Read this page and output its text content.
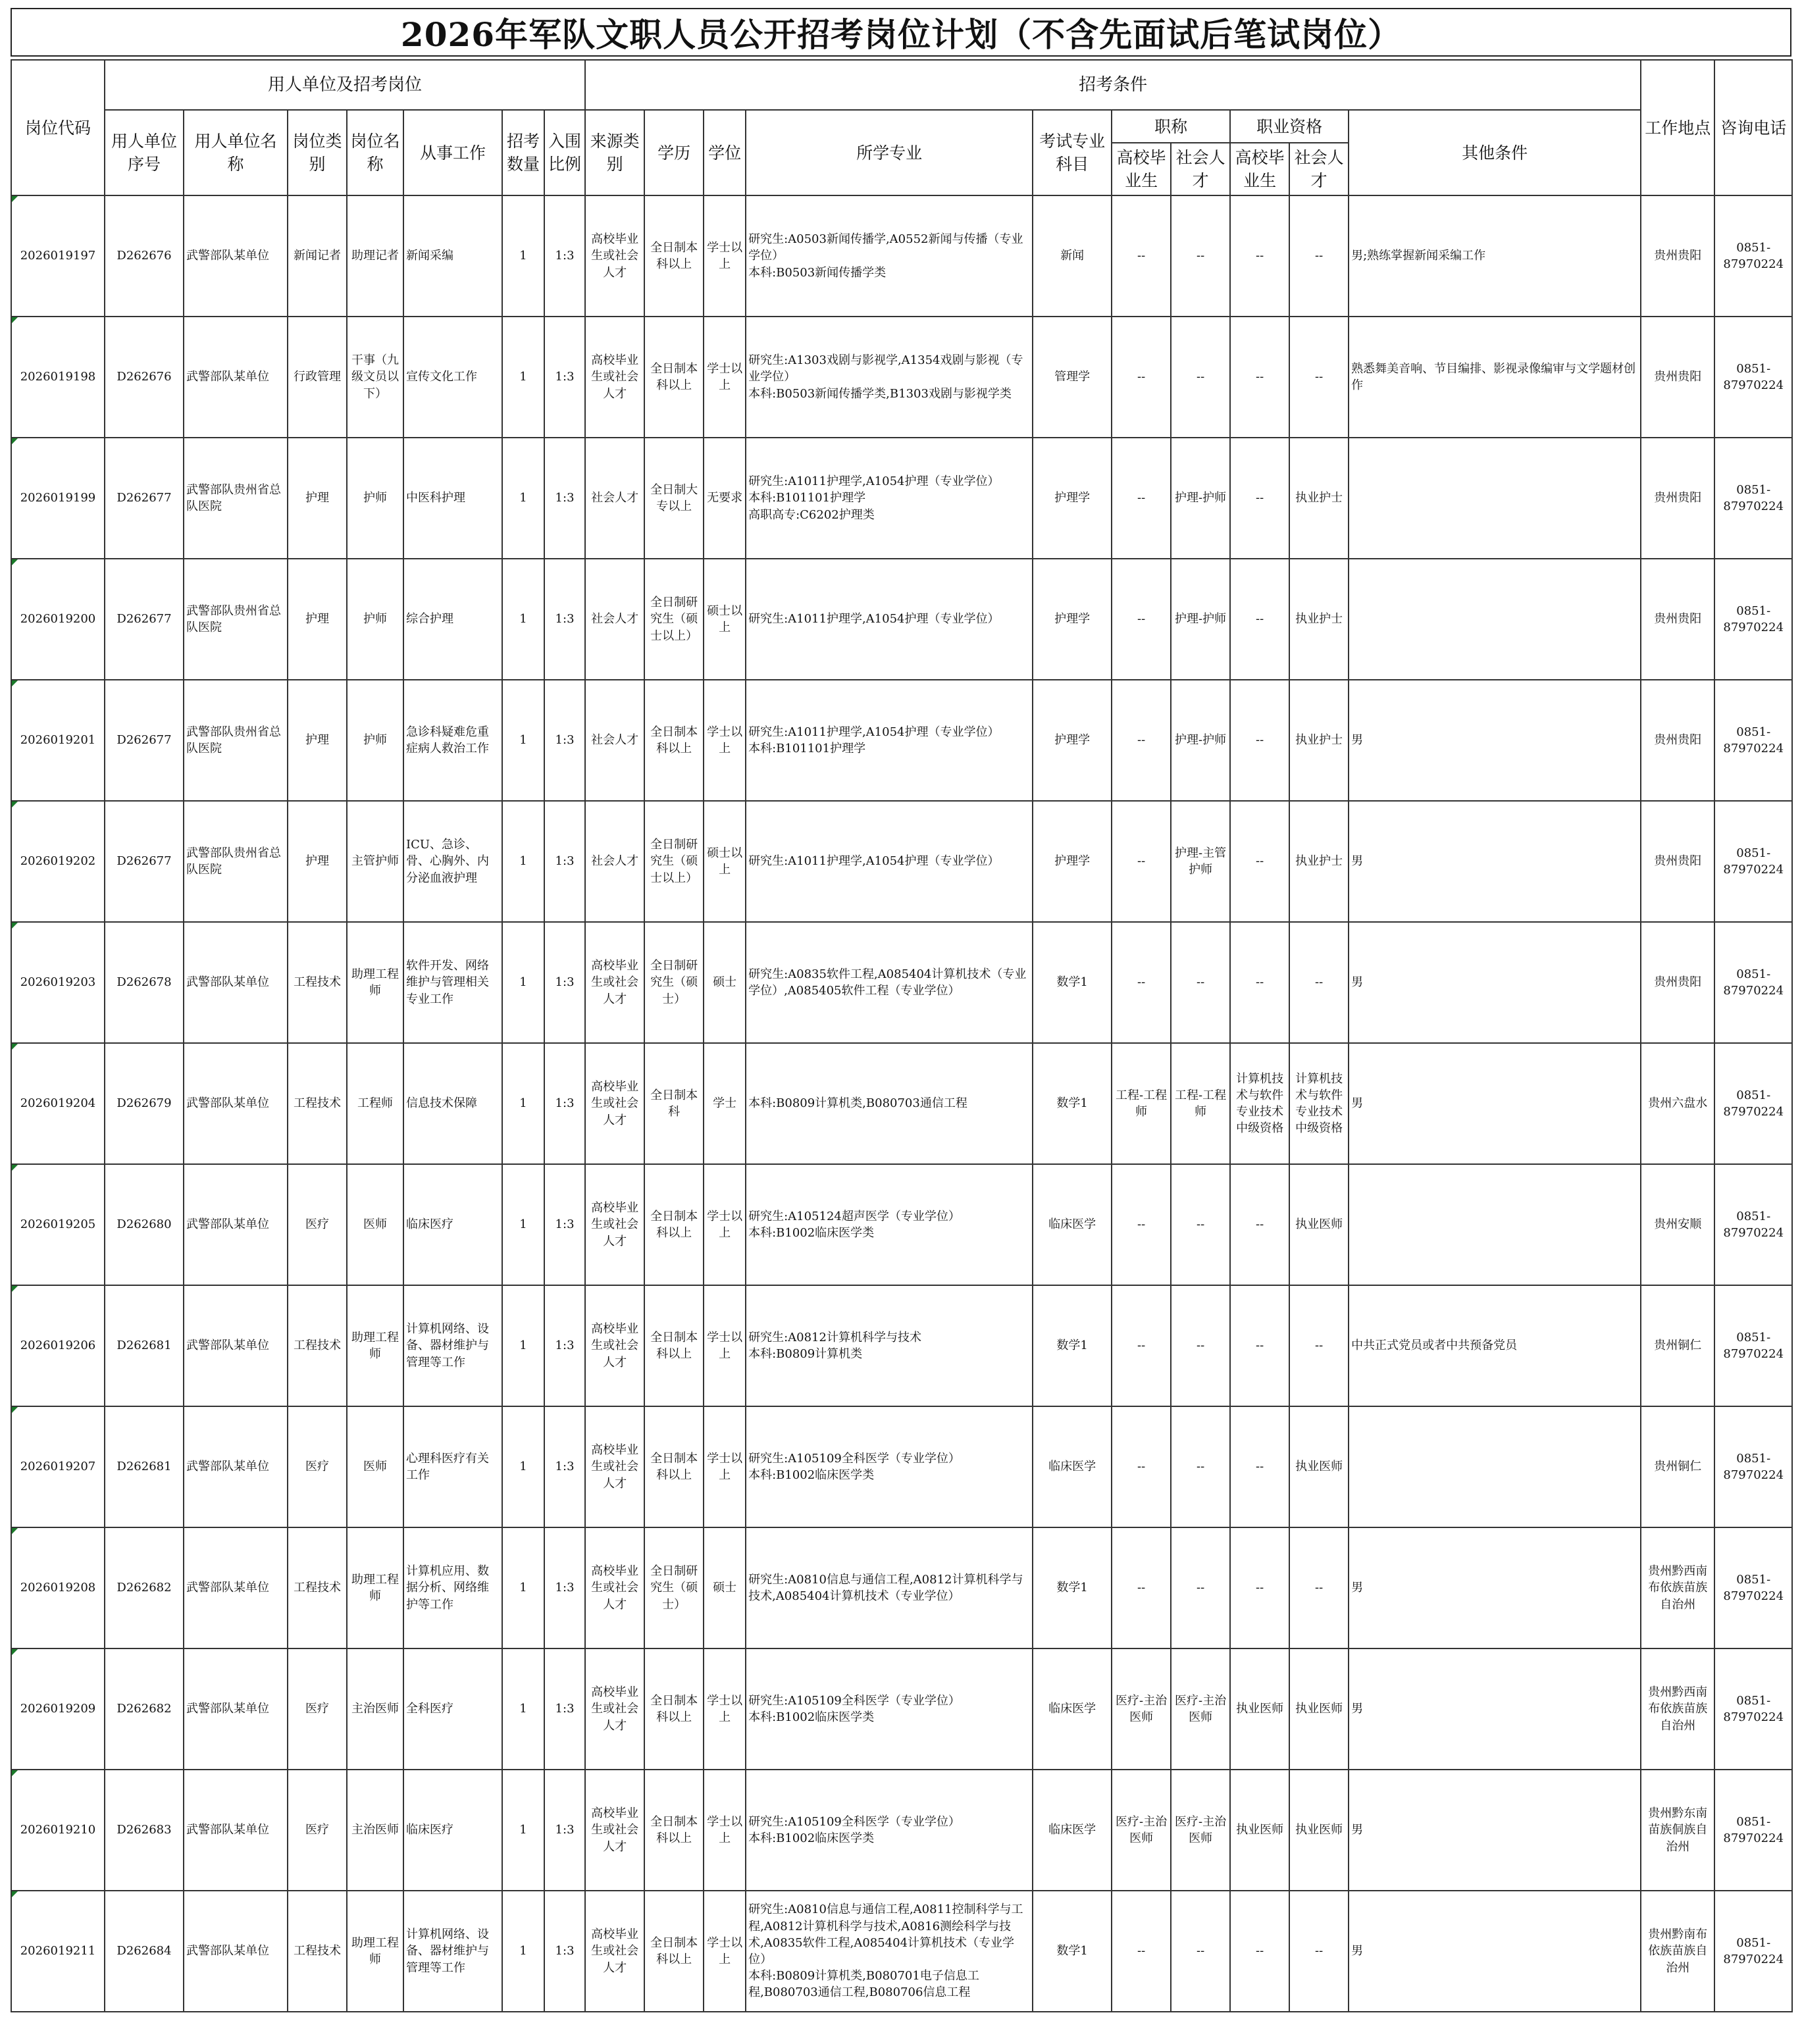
2026年军队文职人员公开招考岗位计划（不含先面试后笔试岗位）
岗位代码	用人单位及招考岗位							招考条件										工作地点	咨询电话
	用人单位序号	用人单位名　称	岗位类别	岗位名称	从事工作	招考数量	入围比例	来源类别	学历	学位	所学专业	考试专业科目	职称		职业资格		其他条件		
													高校毕业生	社会人才	高校毕业生	社会人才			
2026019197	D262676	武警部队某单位	新闻记者	助理记者	新闻采编	1	1:3	高校毕业生或社会人才	全日制本科以上	学士以上	研究生:A0503新闻传播学,A0552新闻与传播（专业学位）
本科:B0503新闻传播学类	新闻	--	--	--	--	男;熟练掌握新闻采编工作	贵州贵阳	0851-87970224
2026019198	D262676	武警部队某单位	行政管理	干事（九级文员以下）	宣传文化工作	1	1:3	高校毕业生或社会人才	全日制本科以上	学士以上	研究生:A1303戏剧与影视学,A1354戏剧与影视（专业学位）
本科:B0503新闻传播学类,B1303戏剧与影视学类	管理学	--	--	--	--	熟悉舞美音响、节目编排、影视录像编审与文学题材创作	贵州贵阳	0851-87970224
2026019199	D262677	武警部队贵州省总队医院	护理	护师	中医科护理	1	1:3	社会人才	全日制大专以上	无要求	研究生:A1011护理学,A1054护理（专业学位）
本科:B101101护理学
高职高专:C6202护理类	护理学	--	护理-护师	--	执业护士		贵州贵阳	0851-87970224
2026019200	D262677	武警部队贵州省总队医院	护理	护师	综合护理	1	1:3	社会人才	全日制研究生（硕士以上）	硕士以上	研究生:A1011护理学,A1054护理（专业学位）	护理学	--	护理-护师	--	执业护士		贵州贵阳	0851-87970224
2026019201	D262677	武警部队贵州省总队医院	护理	护师	急诊科疑难危重症病人救治工作	1	1:3	社会人才	全日制本科以上	学士以上	研究生:A1011护理学,A1054护理（专业学位）
本科:B101101护理学	护理学	--	护理-护师	--	执业护士	男	贵州贵阳	0851-87970224
2026019202	D262677	武警部队贵州省总队医院	护理	主管护师	ICU、急诊、骨、心胸外、内分泌血液护理	1	1:3	社会人才	全日制研究生（硕士以上）	硕士以上	研究生:A1011护理学,A1054护理（专业学位）	护理学	--	护理-主管护师	--	执业护士	男	贵州贵阳	0851-87970224
2026019203	D262678	武警部队某单位	工程技术	助理工程师	软件开发、网络维护与管理相关专业工作	1	1:3	高校毕业生或社会人才	全日制研究生（硕士）	硕士	研究生:A0835软件工程,A085404计算机技术（专业学位）,A085405软件工程（专业学位）	数学1	--	--	--	--	男	贵州贵阳	0851-87970224
2026019204	D262679	武警部队某单位	工程技术	工程师	信息技术保障	1	1:3	高校毕业生或社会人才	全日制本科	学士	本科:B0809计算机类,B080703通信工程	数学1	工程-工程师	工程-工程师	计算机技术与软件专业技术中级资格	计算机技术与软件专业技术中级资格	男	贵州六盘水	0851-87970224
2026019205	D262680	武警部队某单位	医疗	医师	临床医疗	1	1:3	高校毕业生或社会人才	全日制本科以上	学士以上	研究生:A105124超声医学（专业学位）
本科:B1002临床医学类	临床医学	--	--	--	执业医师		贵州安顺	0851-87970224
2026019206	D262681	武警部队某单位	工程技术	助理工程师	计算机网络、设备、器材维护与管理等工作	1	1:3	高校毕业生或社会人才	全日制本科以上	学士以上	研究生:A0812计算机科学与技术
本科:B0809计算机类	数学1	--	--	--	--	中共正式党员或者中共预备党员	贵州铜仁	0851-87970224
2026019207	D262681	武警部队某单位	医疗	医师	心理科医疗有关工作	1	1:3	高校毕业生或社会人才	全日制本科以上	学士以上	研究生:A105109全科医学（专业学位）
本科:B1002临床医学类	临床医学	--	--	--	执业医师		贵州铜仁	0851-87970224
2026019208	D262682	武警部队某单位	工程技术	助理工程师	计算机应用、数据分析、网络维护等工作	1	1:3	高校毕业生或社会人才	全日制研究生（硕士）	硕士	研究生:A0810信息与通信工程,A0812计算机科学与技术,A085404计算机技术（专业学位）	数学1	--	--	--	--	男	贵州黔西南布依族苗族自治州	0851-87970224
2026019209	D262682	武警部队某单位	医疗	主治医师	全科医疗	1	1:3	高校毕业生或社会人才	全日制本科以上	学士以上	研究生:A105109全科医学（专业学位）
本科:B1002临床医学类	临床医学	医疗-主治医师	医疗-主治医师	执业医师	执业医师	男	贵州黔西南布依族苗族自治州	0851-87970224
2026019210	D262683	武警部队某单位	医疗	主治医师	临床医疗	1	1:3	高校毕业生或社会人才	全日制本科以上	学士以上	研究生:A105109全科医学（专业学位）
本科:B1002临床医学类	临床医学	医疗-主治医师	医疗-主治医师	执业医师	执业医师	男	贵州黔东南苗族侗族自治州	0851-87970224
2026019211	D262684	武警部队某单位	工程技术	助理工程师	计算机网络、设备、器材维护与管理等工作	1	1:3	高校毕业生或社会人才	全日制本科以上	学士以上	研究生:A0810信息与通信工程,A0811控制科学与工程,A0812计算机科学与技术,A0816测绘科学与技术,A0835软件工程,A085404计算机技术（专业学位）
本科:B0809计算机类,B080701电子信息工程,B080703通信工程,B080706信息工程	数学1	--	--	--	--	男	贵州黔南布依族苗族自治州	0851-87970224
